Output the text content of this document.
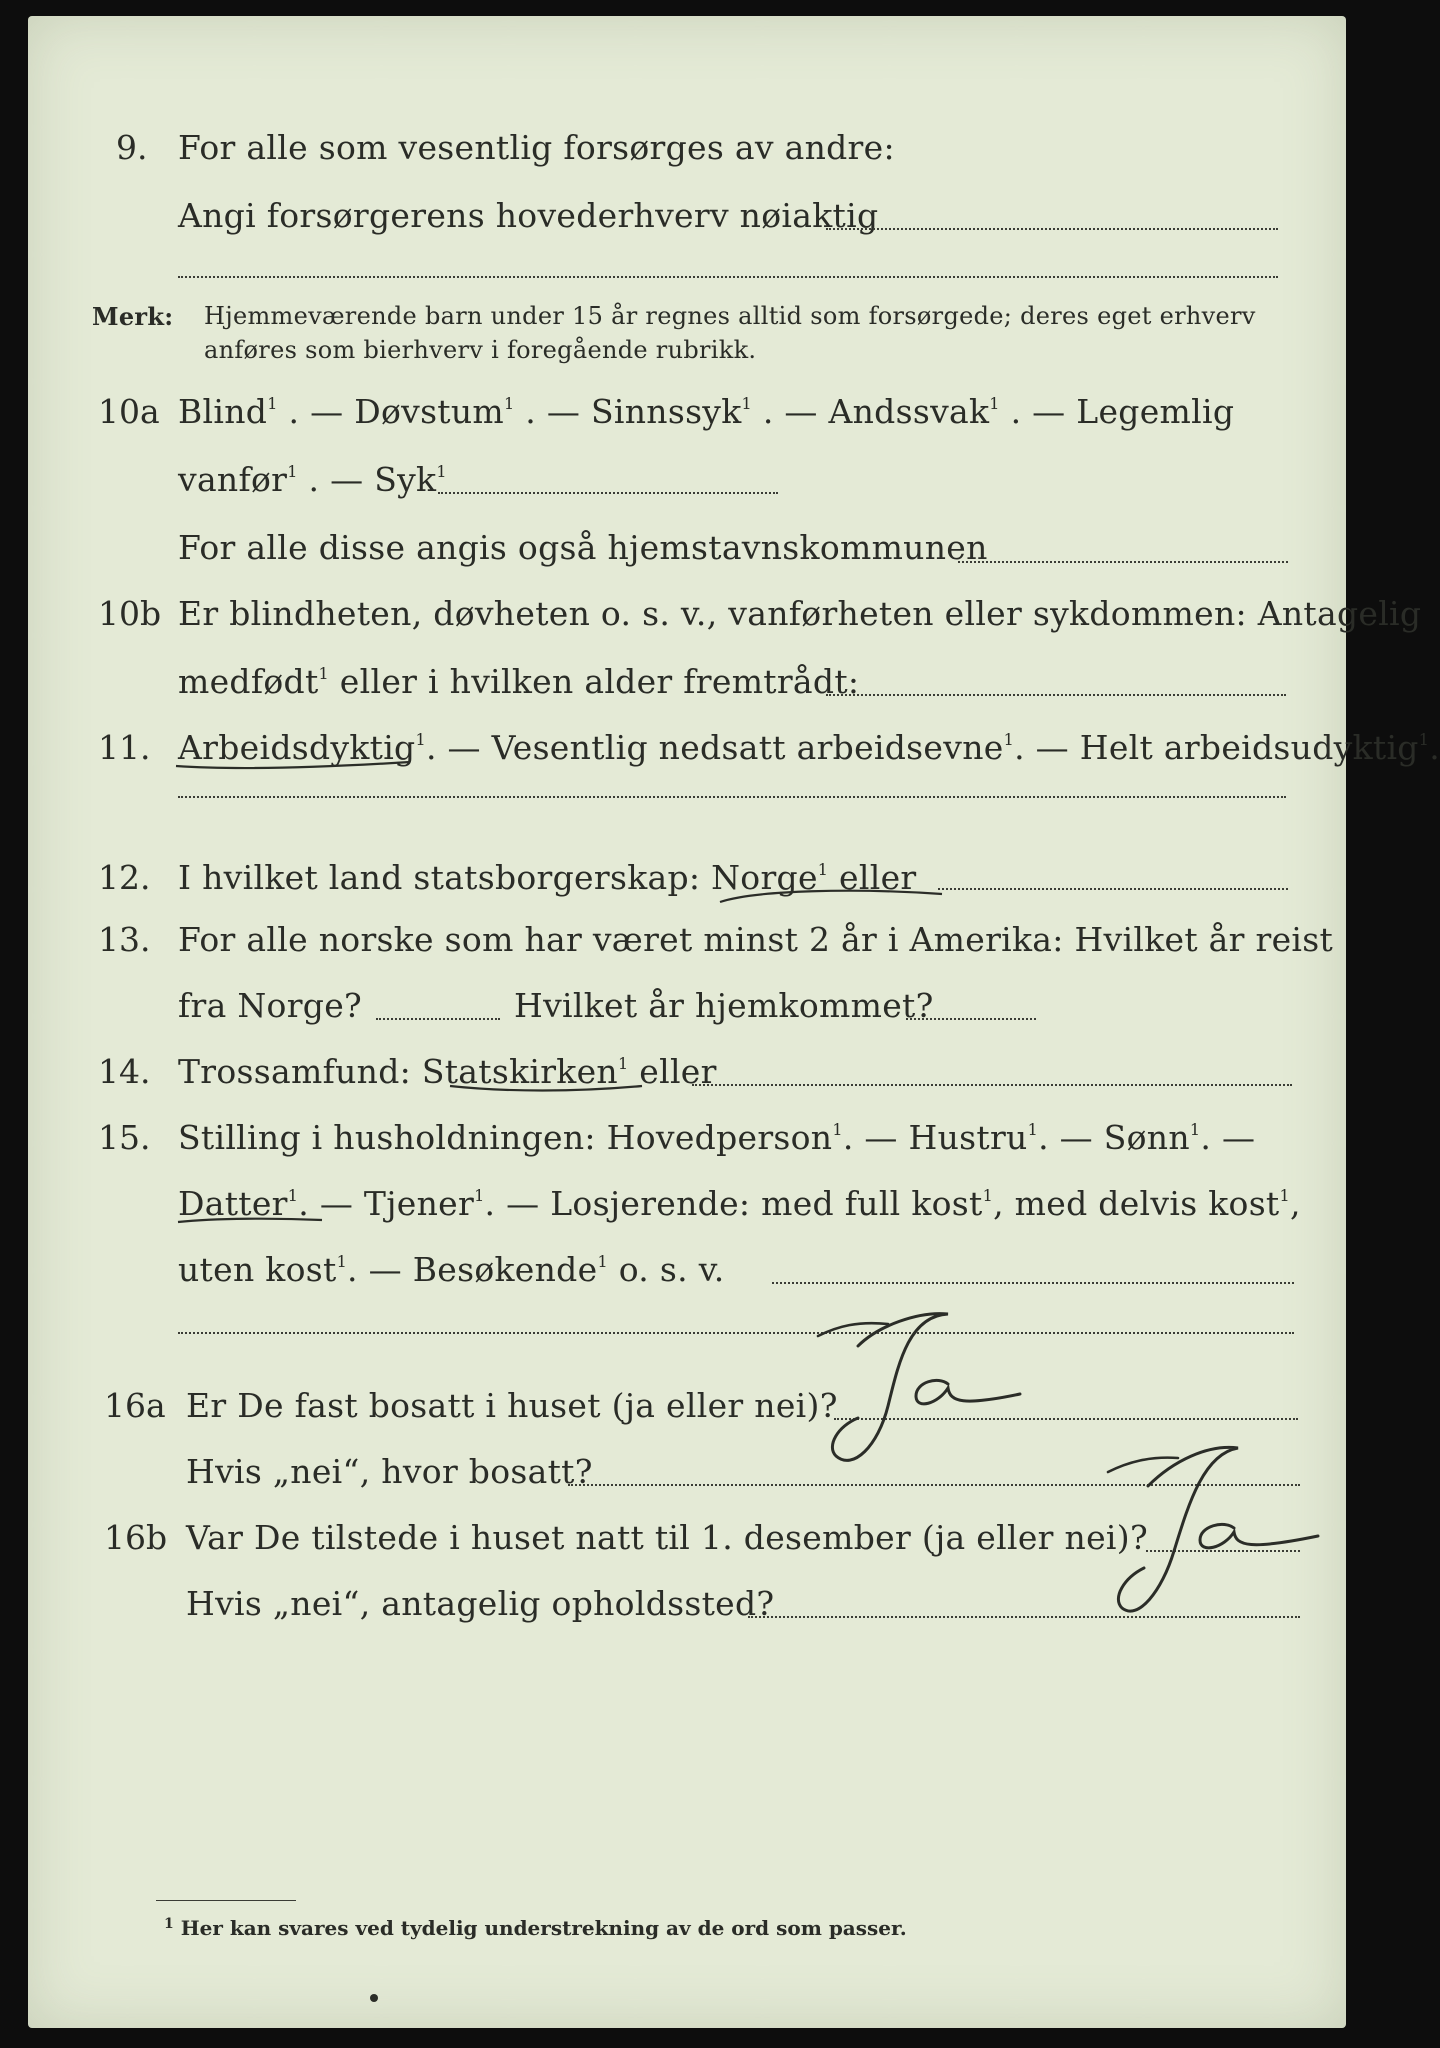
9. For alle som vesentlig forsørges av andre:
Angi forsørgerens hovederhverv nøiaktig
Merk: Hjemmeværende barn under 15 år regnes alltid som forsørgede; deres eget erhverv
anføres som bierhverv i foregående rubrikk.
10a Blind$^1$ . — Døvstum$^1$ . — Sinnssyk$^1$ . — Andssvak$^1$ . — Legemlig
vanfør$^1$ . — Syk$^1$
For alle disse angis også hjemstavnskommunen
10b Er blindheten, døvheten o. s. v., vanførheten eller sykdommen: Antagelig
medfødt$^1$ eller i hvilken alder fremtrådt:
11. Arbeidsdyktig$^1$. — Vesentlig nedsatt arbeidsevne$^1$. — Helt arbeidsudyktig$^1$.
12. I hvilket land statsborgerskap: Norge$^1$ eller
13. For alle norske som har været minst 2 år i Amerika: Hvilket år reist
fra Norge?	Hvilket år hjemkommet?
14. Trossamfund: Statskirken$^1$ eller
15. Stilling i husholdningen: Hovedperson$^1$. — Hustru$^1$. — Sønn$^1$. —
Datter$^1$. — Tjener$^1$. — Losjerende: med full kost$^1$, med delvis kost$^1$,
uten kost$^1$. — Besøkende$^1$ o. s. v.
16a Er De fast bosatt i huset (ja eller nei)?
Hvis „nei“, hvor bosatt?
16b Var De tilstede i huset natt til 1. desember (ja eller nei)?
Hvis „nei“, antagelig opholdssted?
$^1$ Her kan svares ved tydelig understrekning av de ord som passer.
